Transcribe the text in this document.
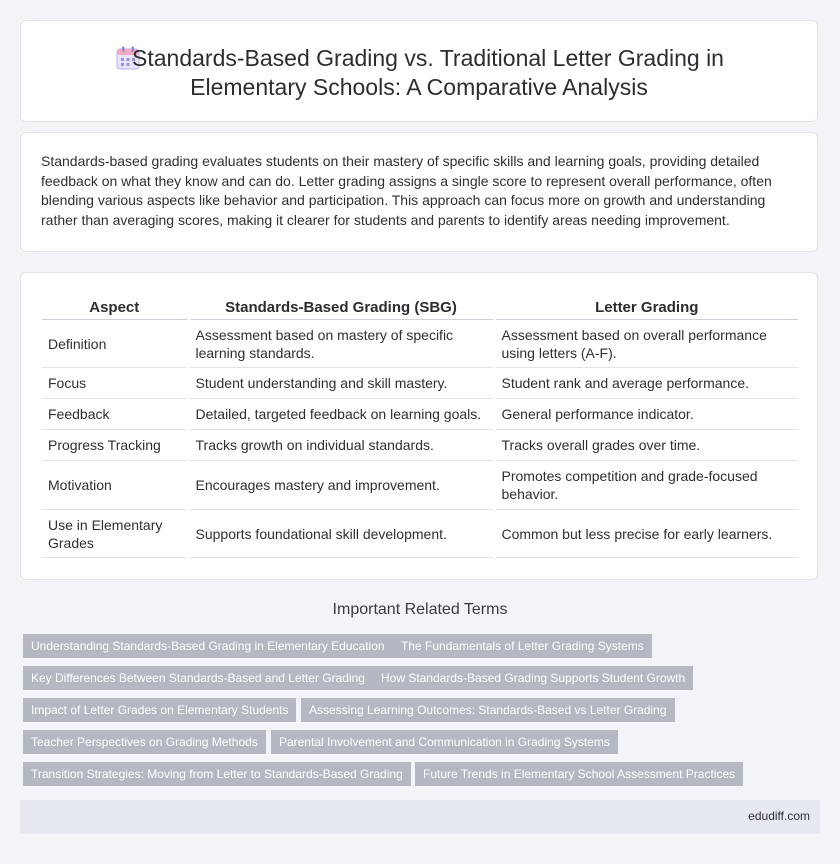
Standards-Based Grading vs. Traditional Letter Grading in
Elementary Schools: A Comparative Analysis
Standards-based grading evaluates students on their mastery of specific skills and learning goals, providing detailed feedback on what they know and can do. Letter grading assigns a single score to represent overall performance, often blending various aspects like behavior and participation. This approach can focus more on growth and understanding rather than averaging scores, making it clearer for students and parents to identify areas needing improvement.
Aspect	Standards-Based Grading (SBG)	Letter Grading
Definition	Assessment based on mastery of specific learning standards.	Assessment based on overall performance using letters (A-F).
Focus	Student understanding and skill mastery.	Student rank and average performance.
Feedback	Detailed, targeted feedback on learning goals.	General performance indicator.
Progress Tracking	Tracks growth on individual standards.	Tracks overall grades over time.
Motivation	Encourages mastery and improvement.	Promotes competition and grade-focused behavior.
Use in Elementary Grades	Supports foundational skill development.	Common but less precise for early learners.
Important Related Terms
Understanding Standards-Based Grading in Elementary Education	The Fundamentals of Letter Grading Systems
Key Differences Between Standards-Based and Letter Grading	How Standards-Based Grading Supports Student Growth
Impact of Letter Grades on Elementary Students	Assessing Learning Outcomes: Standards-Based vs Letter Grading
Teacher Perspectives on Grading Methods	Parental Involvement and Communication in Grading Systems
Transition Strategies: Moving from Letter to Standards-Based Grading	Future Trends in Elementary School Assessment Practices
edudiff.com
